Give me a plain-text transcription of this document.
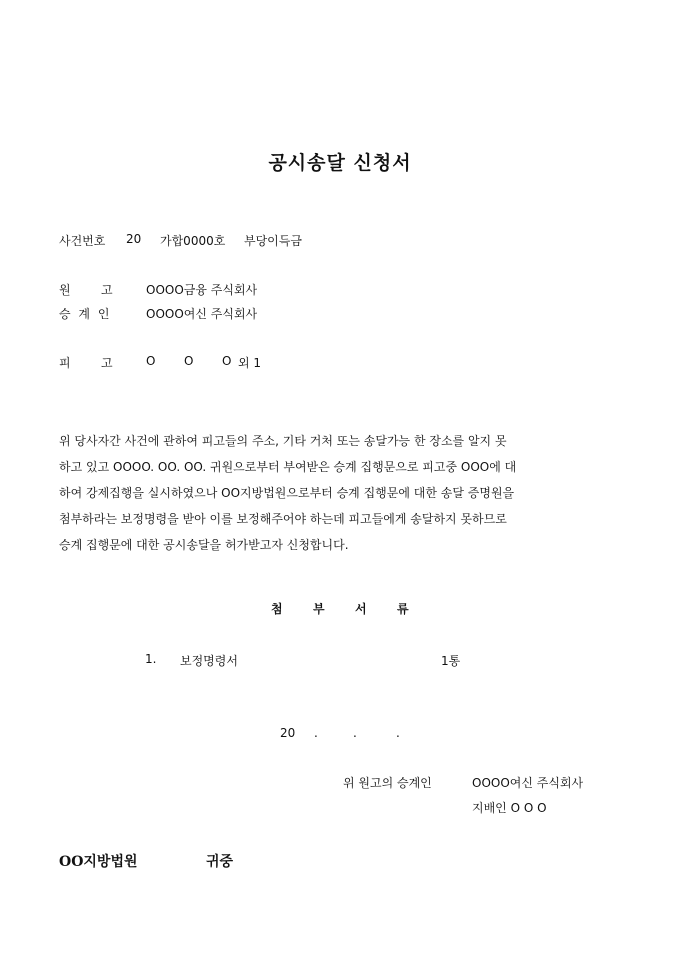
공시송달 신청서
사건번호 20 가합0000호 부당이득금
원	고	OOOO금융 주식회사
승 계 인	OOOO여신 주식회사
피	고	O O O 외 1
위 당사자간 사건에 관하여 피고들의 주소, 기타 거처 또는 송달가능 한 장소를 알지 못
하고 있고 OOOO. OO. OO. 귀원으로부터 부여받은 승계 집행문으로 피고중 OOO에 대
하여 강제집행을 실시하였으나 OO지방법원으로부터 승계 집행문에 대한 송달 증명원을
첨부하라는 보정명령을 받아 이를 보정해주어야 하는데 피고들에게 송달하지 못하므로
승계 집행문에 대한 공시송달을 허가받고자 신청합니다.
첨	부	서	류
1. 보정명령서	1통
20 .	.	.
위 원고의 승계인	OOOO여신 주식회사
지배인 O O O
OO지방법원	귀중
